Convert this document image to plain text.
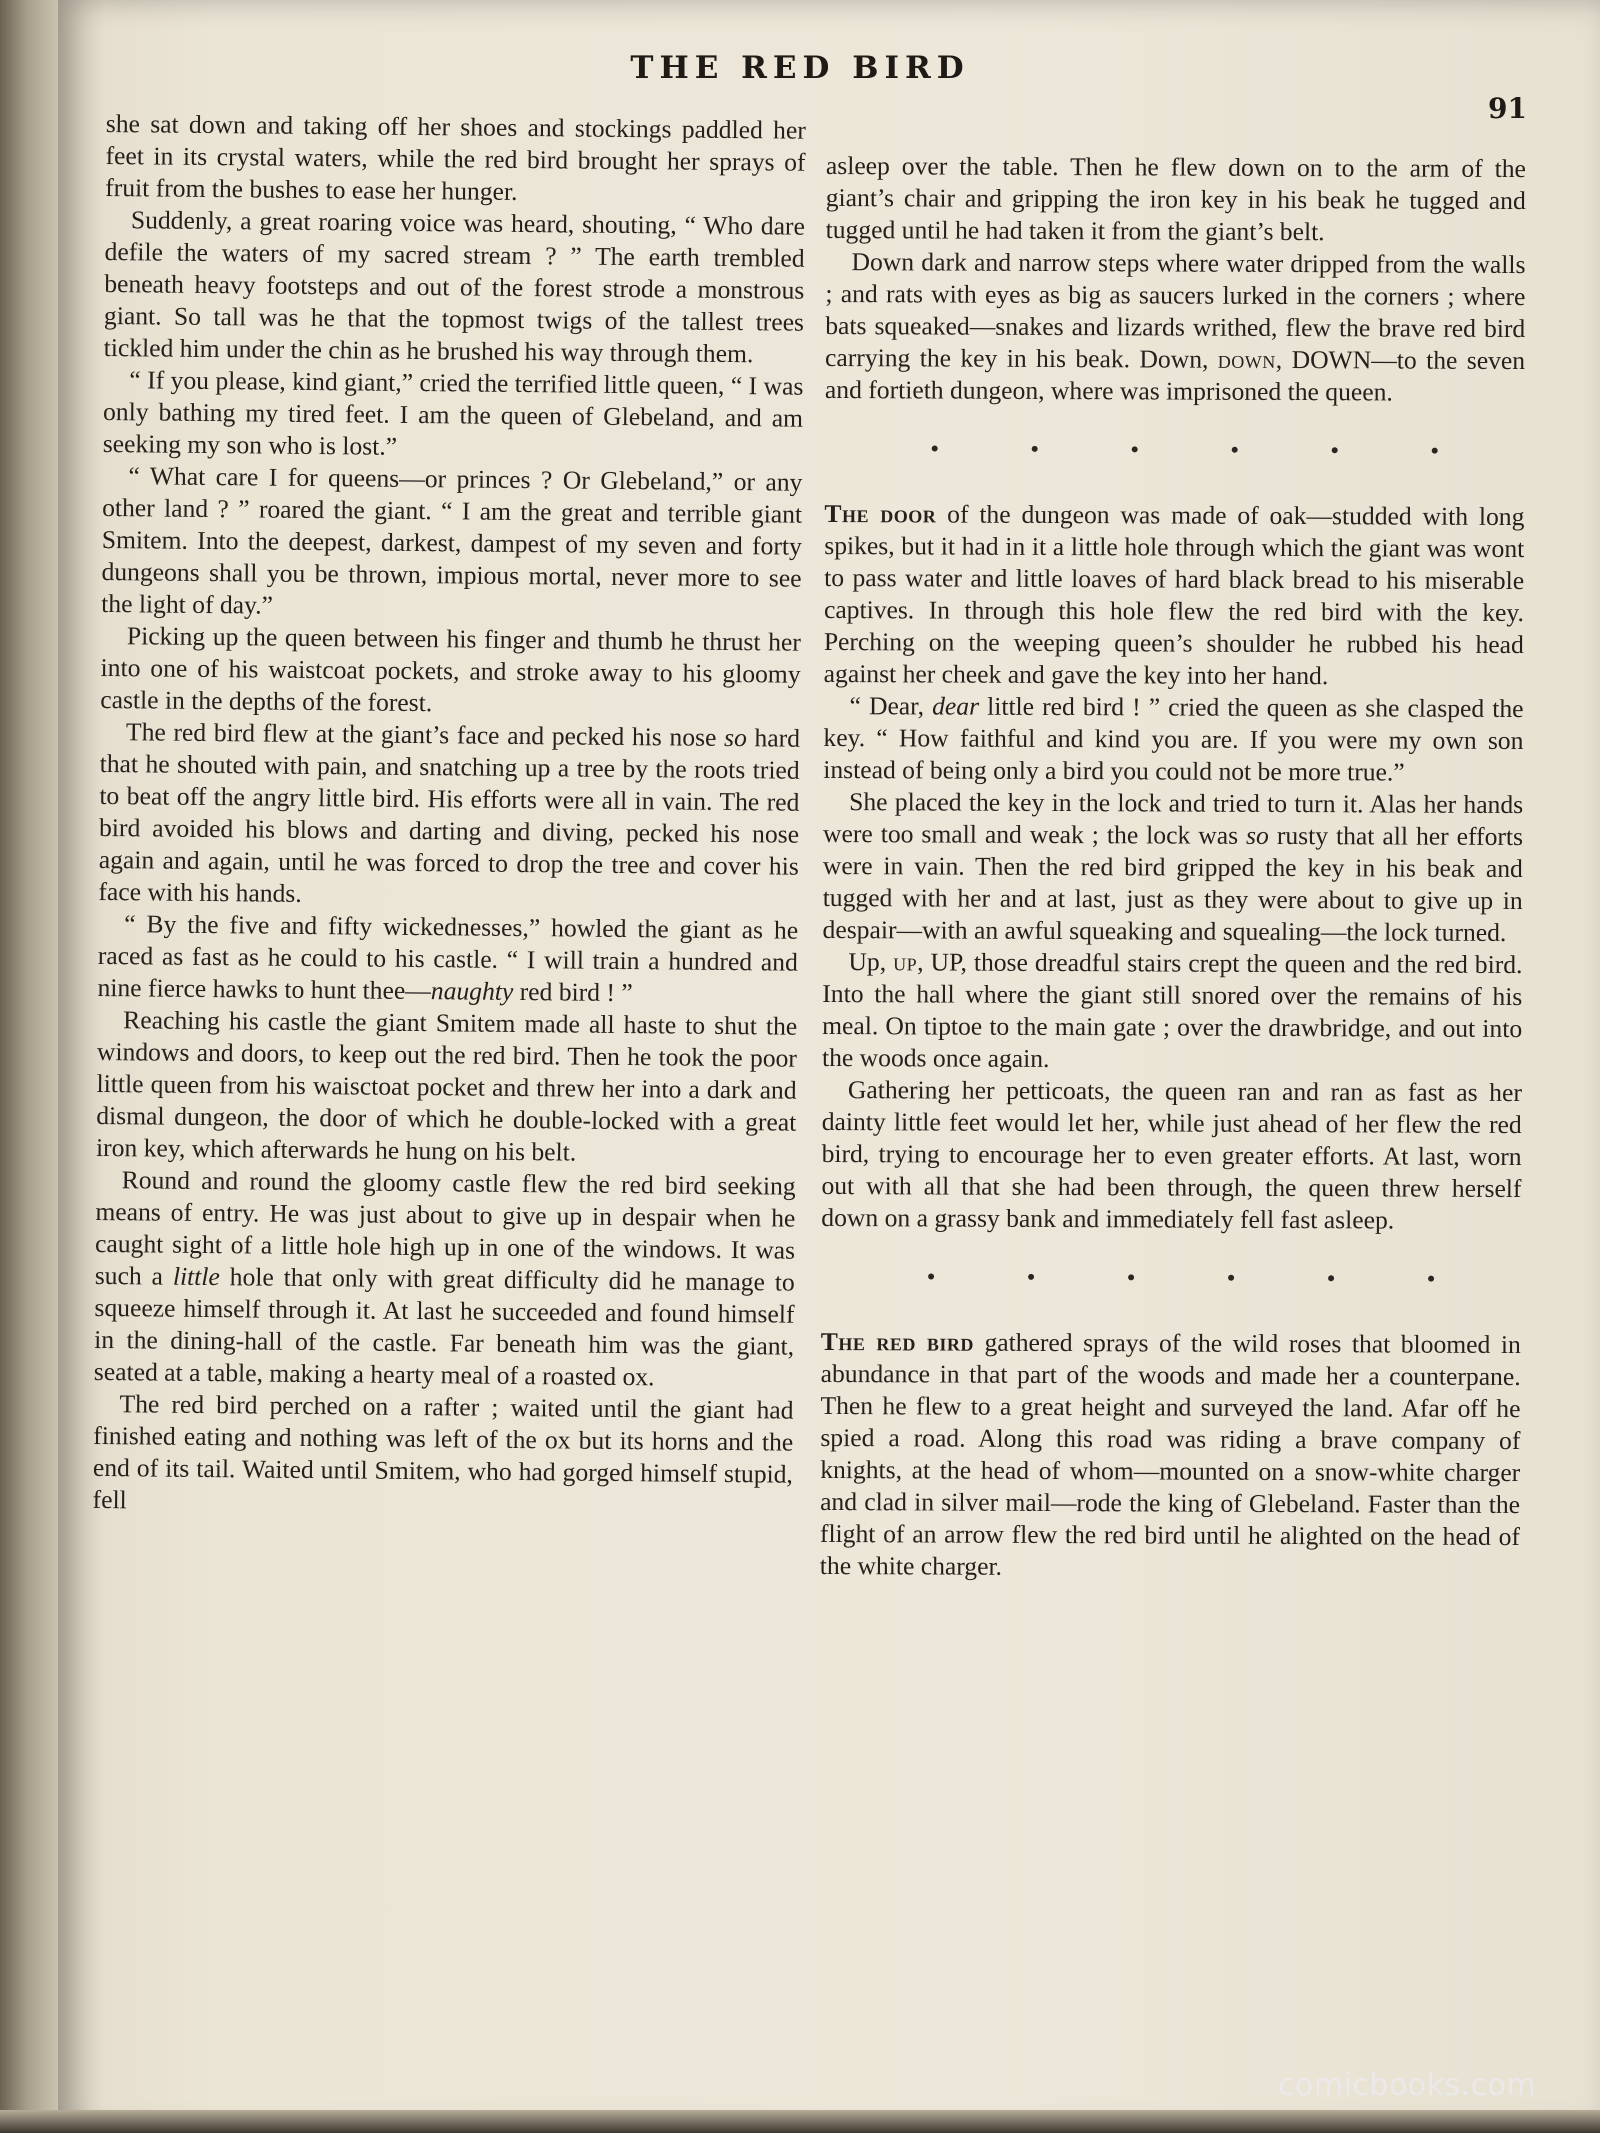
THE RED BIRD
91

she sat down and taking off her shoes and stockings paddled her feet in its crystal waters, while the red bird brought her sprays of fruit from the bushes to ease her hunger.

Suddenly, a great roaring voice was heard, shouting, “ Who dare defile the waters of my sacred stream ? ” The earth trembled beneath heavy footsteps and out of the forest strode a monstrous giant. So tall was he that the topmost twigs of the tallest trees tickled him under the chin as he brushed his way through them.

“ If you please, kind giant,” cried the terrified little queen, “ I was only bathing my tired feet. I am the queen of Glebeland, and am seeking my son who is lost.”

“ What care I for queens—or princes ? Or Glebeland,” or any other land ? ” roared the giant. “ I am the great and terrible giant Smitem. Into the deepest, darkest, dampest of my seven and forty dungeons shall you be thrown, impious mortal, never more to see the light of day.”

Picking up the queen between his finger and thumb he thrust her into one of his waistcoat pockets, and stroke away to his gloomy castle in the depths of the forest.

The red bird flew at the giant’s face and pecked his nose so hard that he shouted with pain, and snatching up a tree by the roots tried to beat off the angry little bird. His efforts were all in vain. The red bird avoided his blows and darting and diving, pecked his nose again and again, until he was forced to drop the tree and cover his face with his hands.

“ By the five and fifty wickednesses,” howled the giant as he raced as fast as he could to his castle. “ I will train a hundred and nine fierce hawks to hunt thee—naughty red bird ! ”

Reaching his castle the giant Smitem made all haste to shut the windows and doors, to keep out the red bird. Then he took the poor little queen from his waisctoat pocket and threw her into a dark and dismal dungeon, the door of which he double-locked with a great iron key, which afterwards he hung on his belt.

Round and round the gloomy castle flew the red bird seeking means of entry. He was just about to give up in despair when he caught sight of a little hole high up in one of the windows. It was such a little hole that only with great difficulty did he manage to squeeze himself through it. At last he succeeded and found himself in the dining-hall of the castle. Far beneath him was the giant, seated at a table, making a hearty meal of a roasted ox.

The red bird perched on a rafter ; waited until the giant had finished eating and nothing was left of the ox but its horns and the end of its tail. Waited until Smitem, who had gorged himself stupid, fell

asleep over the table. Then he flew down on to the arm of the giant’s chair and gripping the iron key in his beak he tugged and tugged until he had taken it from the giant’s belt.

Down dark and narrow steps where water dripped from the walls ; and rats with eyes as big as saucers lurked in the corners ; where bats squeaked—snakes and lizards writhed, flew the brave red bird carrying the key in his beak. Down, down, DOWN—to the seven and fortieth dungeon, where was imprisoned the queen.

The door of the dungeon was made of oak—studded with long spikes, but it had in it a little hole through which the giant was wont to pass water and little loaves of hard black bread to his miserable captives. In through this hole flew the red bird with the key. Perching on the weeping queen’s shoulder he rubbed his head against her cheek and gave the key into her hand.

“ Dear, dear little red bird ! ” cried the queen as she clasped the key. “ How faithful and kind you are. If you were my own son instead of being only a bird you could not be more true.”

She placed the key in the lock and tried to turn it. Alas her hands were too small and weak ; the lock was so rusty that all her efforts were in vain. Then the red bird gripped the key in his beak and tugged with her and at last, just as they were about to give up in despair—with an awful squeaking and squealing—the lock turned.

Up, up, UP, those dreadful stairs crept the queen and the red bird. Into the hall where the giant still snored over the remains of his meal. On tiptoe to the main gate ; over the drawbridge, and out into the woods once again.

Gathering her petticoats, the queen ran and ran as fast as her dainty little feet would let her, while just ahead of her flew the red bird, trying to encourage her to even greater efforts. At last, worn out with all that she had been through, the queen threw herself down on a grassy bank and immediately fell fast asleep.

The red bird gathered sprays of the wild roses that bloomed in abundance in that part of the woods and made her a counterpane. Then he flew to a great height and surveyed the land. Afar off he spied a road. Along this road was riding a brave company of knights, at the head of whom—mounted on a snow-white charger and clad in silver mail—rode the king of Glebeland. Faster than the flight of an arrow flew the red bird until he alighted on the head of the white charger.

comicbooks.com
